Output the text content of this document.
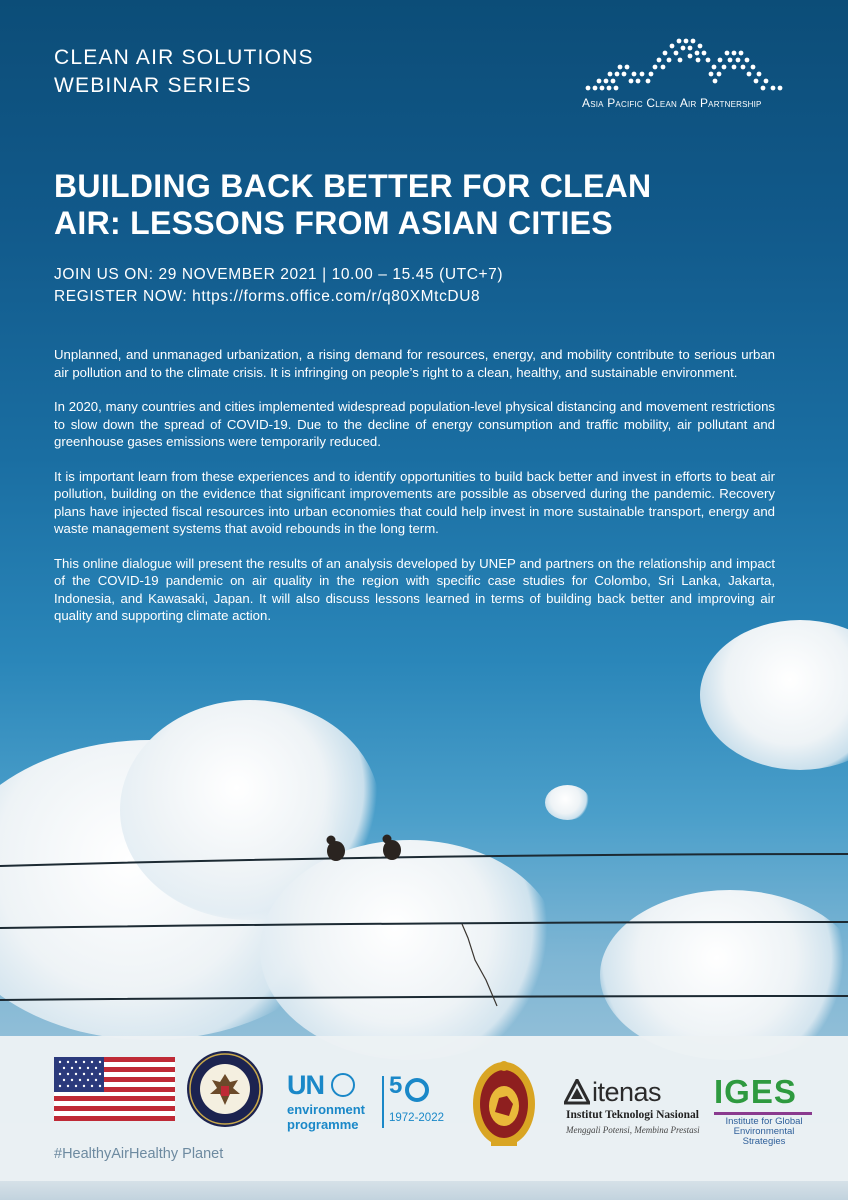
CLEAN AIR SOLUTIONS
WEBINAR SERIES
Asia Pacific Clean Air Partnership
BUILDING BACK BETTER FOR CLEAN
AIR: LESSONS FROM ASIAN CITIES
JOIN US ON: 29 NOVEMBER 2021 | 10.00 – 15.45 (UTC+7)
REGISTER NOW: https://forms.office.com/r/q80XMtcDU8

Unplanned, and unmanaged urbanization, a rising demand for resources, energy, and mobility contribute to serious urban air pollution and to the climate crisis. It is infringing on people’s right to a clean, healthy, and sustainable environment.

In 2020, many countries and cities implemented widespread population-level physical distancing and movement restrictions to slow down the spread of COVID-19. Due to the decline of energy consumption and traffic mobility, air pollutant and greenhouse gases emissions were temporarily reduced.

It is important learn from these experiences and to identify opportunities to build back better and invest in efforts to beat air pollution, building on the evidence that significant improvements are possible as observed during the pandemic. Recovery plans have injected fiscal resources into urban economies that could help invest in more sustainable transport, energy and waste management systems that avoid rebounds in the long term.

This online dialogue will present the results of an analysis developed by UNEP and partners on the relationship and impact of the COVID-19 pandemic on air quality in the region with specific case studies for Colombo, Sri Lanka, Jakarta, Indonesia, and Kawasaki, Japan. It will also discuss lessons learned in terms of building back better and improving air quality and supporting climate action.

UN
environment
programme
5
1972-2022
itenas
Institut Teknologi Nasional
Menggali Potensi, Membina Prestasi
IGES
Institute for Global
Environmental Strategies
#HealthyAirHealthy Planet
